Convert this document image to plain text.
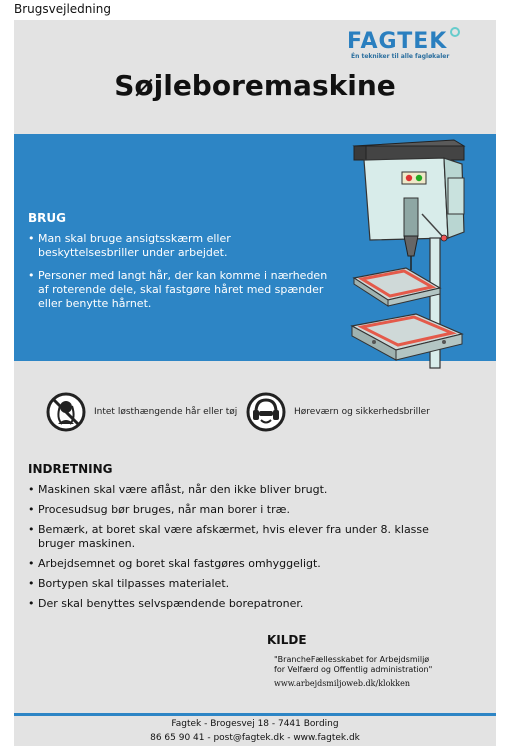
Brugsvejledning
FAGTEK
Én tekniker til alle fagløkaler
Søjleboremaskine
BRUG
• Man skal bruge ansigtsskærm eller beskyttelsesbriller under arbejdet.
• Personer med langt hår, der kan komme i nærheden af roterende dele, skal fastgøre håret med spænder eller benytte hårnet.
Intet løsthængende hår eller tøj	Høreværn og sikkerhedsbriller
INDRETNING
• Maskinen skal være aflåst, når den ikke bliver brugt.
• Procesudsug bør bruges, når man borer i træ.
• Bemærk, at boret skal være afskærmet, hvis elever fra under 8. klasse bruger maskinen.
• Arbejdsemnet og boret skal fastgøres omhyggeligt.
• Bortypen skal tilpasses materialet.
• Der skal benyttes selvspændende borepatroner.
KILDE
"BrancheFællesskabet for Arbejdsmiljø
for Velfærd og Offentlig administration"
www.arbejdsmiljoweb.dk/klokken
Fagtek - Brogesvej 18 - 7441 Bording
86 65 90 41 - post@fagtek.dk - www.fagtek.dk
